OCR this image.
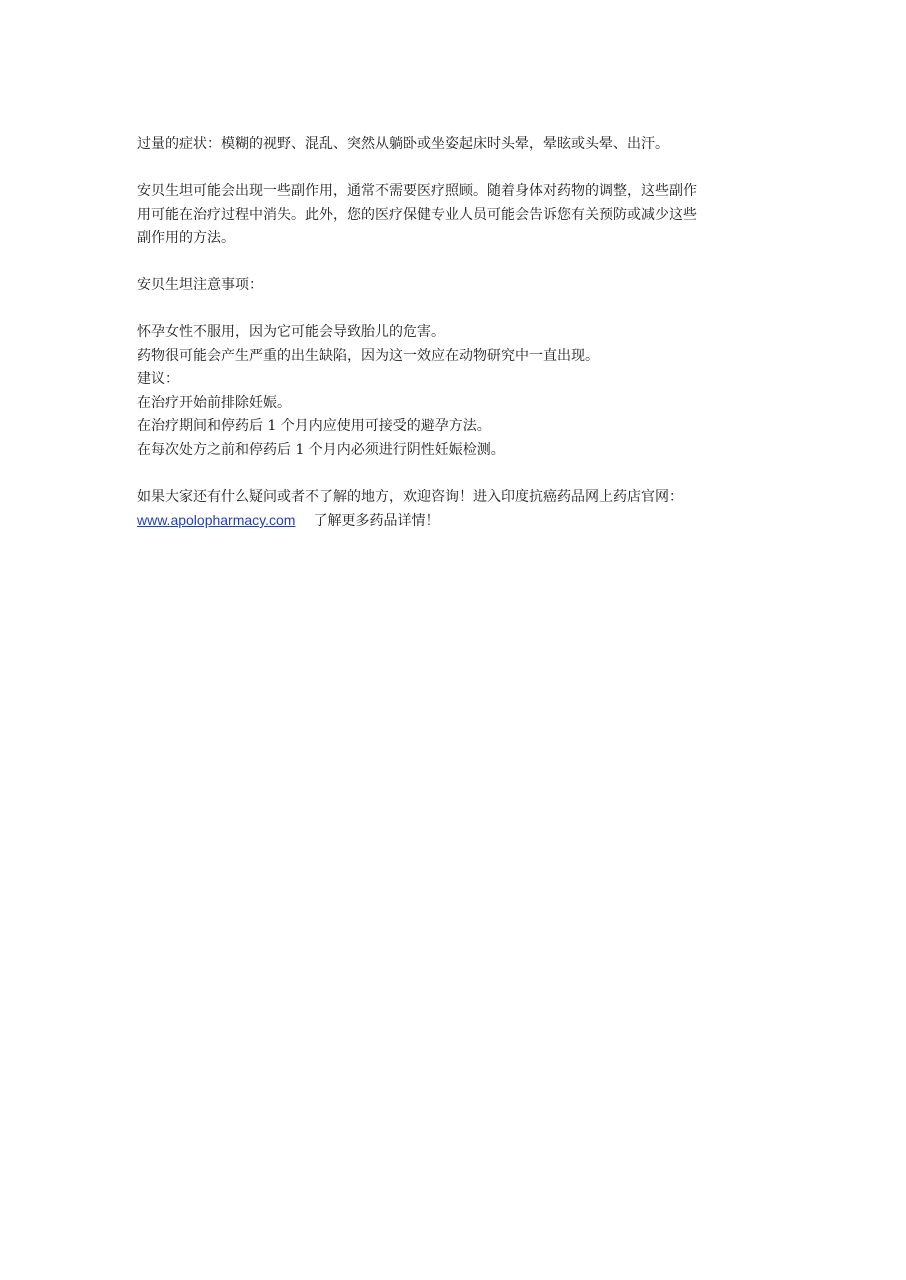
过量的症状：模糊的视野、混乱、突然从躺卧或坐姿起床时头晕，晕眩或头晕、出汗。

安贝生坦可能会出现一些副作用，通常不需要医疗照顾。随着身体对药物的调整，这些副作
用可能在治疗过程中消失。此外，您的医疗保健专业人员可能会告诉您有关预防或减少这些
副作用的方法。

安贝生坦注意事项：

怀孕女性不服用，因为它可能会导致胎儿的危害。
药物很可能会产生严重的出生缺陷，因为这一效应在动物研究中一直出现。
建议：
在治疗开始前排除妊娠。
在治疗期间和停药后 1 个月内应使用可接受的避孕方法。
在每次处方之前和停药后 1 个月内必须进行阴性妊娠检测。

如果大家还有什么疑问或者不了解的地方，欢迎咨询！进入印度抗癌药品网上药店官网：
www.apolopharmacy.com 了解更多药品详情！
